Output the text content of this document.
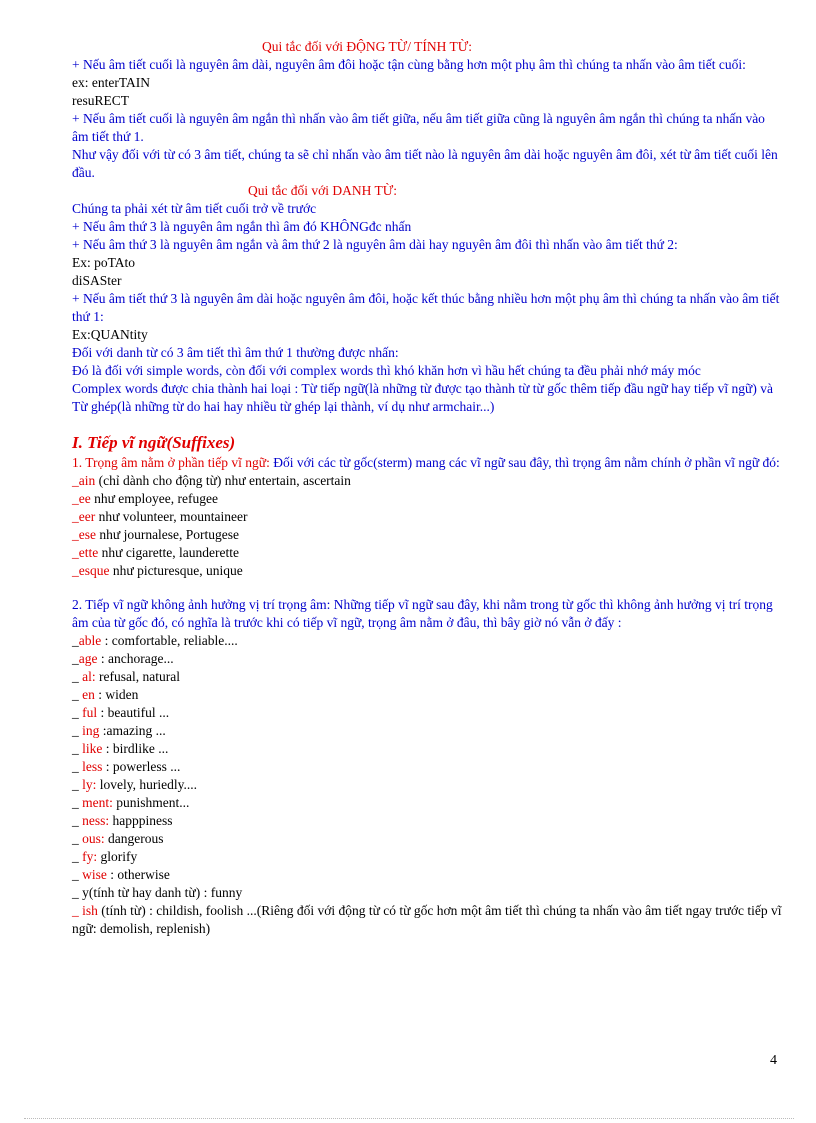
Qui tắc đối với ĐỘNG TỪ/ TÍNH TỪ:
+ Nếu âm tiết cuối là nguyên âm dài, nguyên âm đôi hoặc tận cùng bằng hơn một phụ âm thì chúng ta nhấn vào âm tiết cuối:
ex: enterTAIN
resuRECT
+ Nếu âm tiết cuối là nguyên âm ngắn thì nhấn vào âm tiết giữa, nếu âm tiết giữa cũng là nguyên âm ngắn thì chúng ta nhấn vào âm tiết thứ 1.
Như vậy đối với từ có 3 âm tiết, chúng ta sẽ chỉ nhấn vào âm tiết nào là nguyên âm dài hoặc nguyên âm đôi, xét từ âm tiết cuối lên đầu.
Qui tắc đối với DANH TỪ:
Chúng ta phải xét từ âm tiết cuối trở về trước
+ Nếu âm thứ 3 là nguyên âm ngắn thì âm đó KHÔNGđc nhấn
+ Nếu âm thứ 3 là nguyên âm ngắn và âm thứ 2 là nguyên âm dài hay nguyên âm đôi thì nhấn vào âm tiết thứ 2:
Ex: poTAto
diSASter
+ Nếu âm tiết thứ 3 là nguyên âm dài hoặc nguyên âm đôi, hoặc kết thúc bằng nhiều hơn một phụ âm thì chúng ta nhấn vào âm tiết thứ 1:
Ex:QUANtity
Đối với danh từ có 3 âm tiết thì âm thứ 1 thường được nhấn:
Đó là đối với simple words, còn đối với complex words thì khó khăn hơn vì hầu hết chúng ta đều phải nhớ máy móc
Complex words được chia thành hai loại : Từ tiếp ngữ(là những từ được tạo thành từ từ gốc thêm tiếp đầu ngữ hay tiếp vĩ ngữ) và Từ ghép(là những từ do hai hay nhiều từ ghép lại thành, ví dụ như armchair...)
I. Tiếp vĩ ngữ(Suffixes)
1. Trọng âm nằm ở phần tiếp vĩ ngữ: Đối với các từ gốc(sterm) mang các vĩ ngữ sau đây, thì trọng âm nằm chính ở phần vĩ ngữ đó:
_ain (chỉ dành cho động từ) như entertain, ascertain
_ee như employee, refugee
_eer như volunteer, mountaineer
_ese như journalese, Portugese
_ette như cigarette, launderette
_esque như picturesque, unique
2. Tiếp vĩ ngữ không ảnh hưởng vị trí trọng âm: Những tiếp vĩ ngữ sau đây, khi nằm trong từ gốc thì không ảnh hưởng vị trí trọng âm của từ gốc đó, có nghĩa là trước khi có tiếp vĩ ngữ, trọng âm nằm ở đâu, thì bây giờ nó vẫn ở đấy :
_able : comfortable, reliable....
_age : anchorage...
_ al: refusal, natural
_ en : widen
_ ful : beautiful ...
_ ing :amazing ...
_ like : birdlike ...
_ less : powerless ...
_ ly: lovely, huriedly....
_ ment: punishment...
_ ness: happpiness
_ ous: dangerous
_ fy: glorify
_ wise : otherwise
_ y(tính từ hay danh từ) : funny
_ ish (tính từ) : childish, foolish ...(Riêng đối với động từ có từ gốc hơn một âm tiết thì chúng ta nhấn vào âm tiết ngay trước tiếp vĩ ngữ: demolish, replenish)
4
